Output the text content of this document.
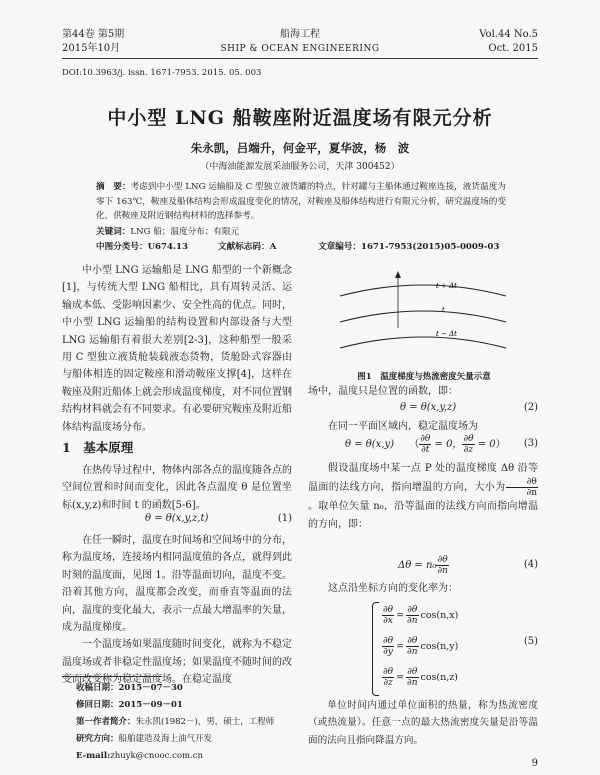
第44卷 第5期
2015年10月
船海工程
SHIP & OCEAN ENGINEERING
Vol.44 No.5
Oct. 2015
DOI:10.3963/j. issn. 1671-7953. 2015. 05. 003
中小型 LNG 船鞍座附近温度场有限元分析
朱永凯，吕端升，何金平，夏华波，杨　波
（中海油能源发展采油服务公司，天津 300452）
摘　要：考虑到中小型 LNG 运输船及 C 型独立液货罐的特点，针对罐与主船体通过鞍座连接，液货温度为零下 163℃，鞍座及船体结构会形成温度变化的情况，对鞍座及船体结构进行有限元分析，研究温度场的变化，供鞍座及附近钢结构材料的选择参考。
关键词：LNG 船；温度分布；有限元
中图分类号：U674.13	文献标志码：A	文章编号：1671-7953(2015)05-0009-03

中小型 LNG 运输船是 LNG 船型的一个新概念[1]，与传统大型 LNG 船相比，具有周转灵活、运输成本低、受影响因素少、安全性高的优点。同时，中小型 LNG 运输船的结构设置和内部设备与大型 LNG 运输船有着很大差别[2-3]，这种船型一般采用 C 型独立液货舱装载液态货物，货舱卧式容器由与船体相连的固定鞍座和滑动鞍座支撑[4]，这样在鞍座及附近船体上就会形成温度梯度，对不同位置钢结构材料就会有不同要求。有必要研究鞍座及附近船体结构温度场分布。

1　基本原理

在热传导过程中，物体内部各点的温度随各点的空间位置和时间而变化，因此各点温度 θ 是位置坐标(x,y,z)和时间 t 的函数[5-6]。

θ = θ(x,y,z,t)	(1)

在任一瞬时，温度在时间场和空间场中的分布，称为温度场，连接场内相同温度值的各点，就得到此时刻的温度面，见图 1。沿等温面切向，温度不变。沿着其他方向，温度都会改变，而垂直等温面的法向，温度的变化最大，表示一点最大增温率的矢量，成为温度梯度。

一个温度场如果温度随时间变化，就称为不稳定温度场或者非稳定性温度场；如果温度不随时间的改变而改变称为稳定温度场。在稳定温度

收稿日期：2015－07－30
修回日期：2015－09－01
第一作者简介：朱永凯(1982－)，男，硕士，工程师
研究方向：船舶建造及海上油气开发
E-mail:zhuyk@cnooc.com.cn
t + Δt
t
t − Δt
图1　温度梯度与热流密度矢量示意

场中，温度只是位置的函数，即：

θ = θ(x,y,z)	(2)

在同一平面区域内，稳定温度场为

θ = θ(x,y) （ $\frac{\partial\theta}{\partial t} = 0$， $\frac{\partial\theta}{\partial z} = 0$）	(3)

假设温度场中某一点 P 处的温度梯度 Δθ 沿等温面的法线方向，指向增温的方向，大小为 $\frac{\partial\theta}{\partial n}$
。取单位矢量 n₀，沿等温面的法线方向而指向增温的方向，即：

$\Delta\theta = n_0 \frac{\partial\theta}{\partial n}$	(4)

这点沿坐标方向的变化率为：

$\frac{\partial\theta}{\partial x} = \frac{\partial\theta}{\partial n} \cos(n,x)$
$\frac{\partial\theta}{\partial y} = \frac{\partial\theta}{\partial n} \cos(n,y)$
$\frac{\partial\theta}{\partial z} = \frac{\partial\theta}{\partial n} \cos(n,z)$
(5)

单位时间内通过单位面积的热量，称为热流密度（或热流量）。任意一点的最大热流密度矢量是沿等温面的法向且指向降温方向。

9
